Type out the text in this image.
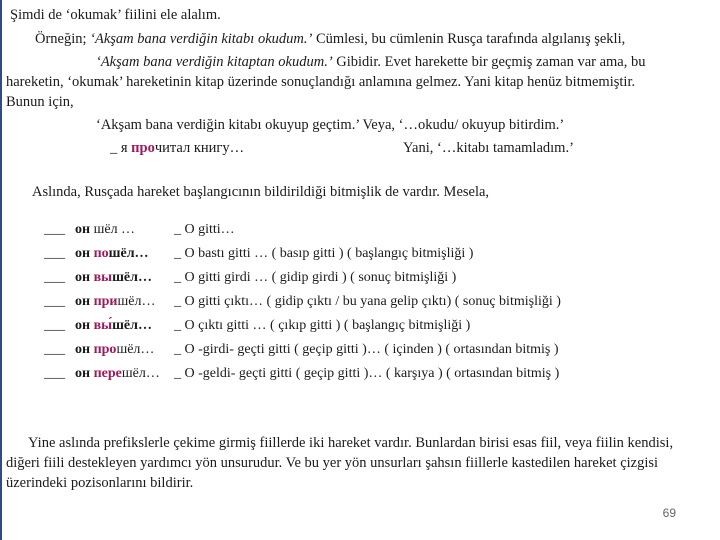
Şimdi de ‘okumak’ fiilini ele alalım.
Örneğin; ‘Akşam bana verdiğin kitabı okudum.’ Cümlesi, bu cümlenin Rusça tarafında algılanış şekli,
‘Akşam bana verdiğin kitaptan okudum.’ Gibidir. Evet harekette bir geçmiş zaman var ama, bu
hareketin, ‘okumak’ hareketinin kitap üzerinde sonuçlandığı anlamına gelmez. Yani kitap henüz bitmemiştir.
Bunun için,
‘Akşam bana verdiğin kitabı okuyup geçtim.’ Veya, ‘…okudu/ okuyup bitirdim.’
_ я прочитал книгу…	Yani, ‘…kitabı tamamladım.’
Aslında, Rusçada hareket başlangıcının bildirildiği bitmişlik de vardır. Mesela,
___ он шёл …	_ O gitti…
___ он пошёл… _ O bastı gitti … ( basıp gitti ) ( başlangıç bitmişliği )
___ он вышёл… _ O gitti girdi … ( gidip girdi ) ( sonuç bitmişliği )
___ он пришёл… _ O gitti çıktı… ( gidip çıktı / bu yana gelip çıktı) ( sonuç bitmişliği )
___ он вы́шёл… _ O çıktı gitti … ( çıkıp gitti ) ( başlangıç bitmişliği )
___ он прошёл… _ O -girdi- geçti gitti ( geçip gitti )… ( içinden ) ( ortasından bitmiş )
___ он перешёл… _ O -geldi- geçti gitti ( geçip gitti )… ( karşıya ) ( ortasından bitmiş )
Yine aslında prefikslerle çekime girmiş fiillerde iki hareket vardır. Bunlardan birisi esas fiil, veya fiilin kendisi, diğeri fiili destekleyen yardımcı yön unsurudur. Ve bu yer yön unsurları şahsın fiillerle kastedilen hareket çizgisi üzerindeki pozisonlarını bildirir.
69
